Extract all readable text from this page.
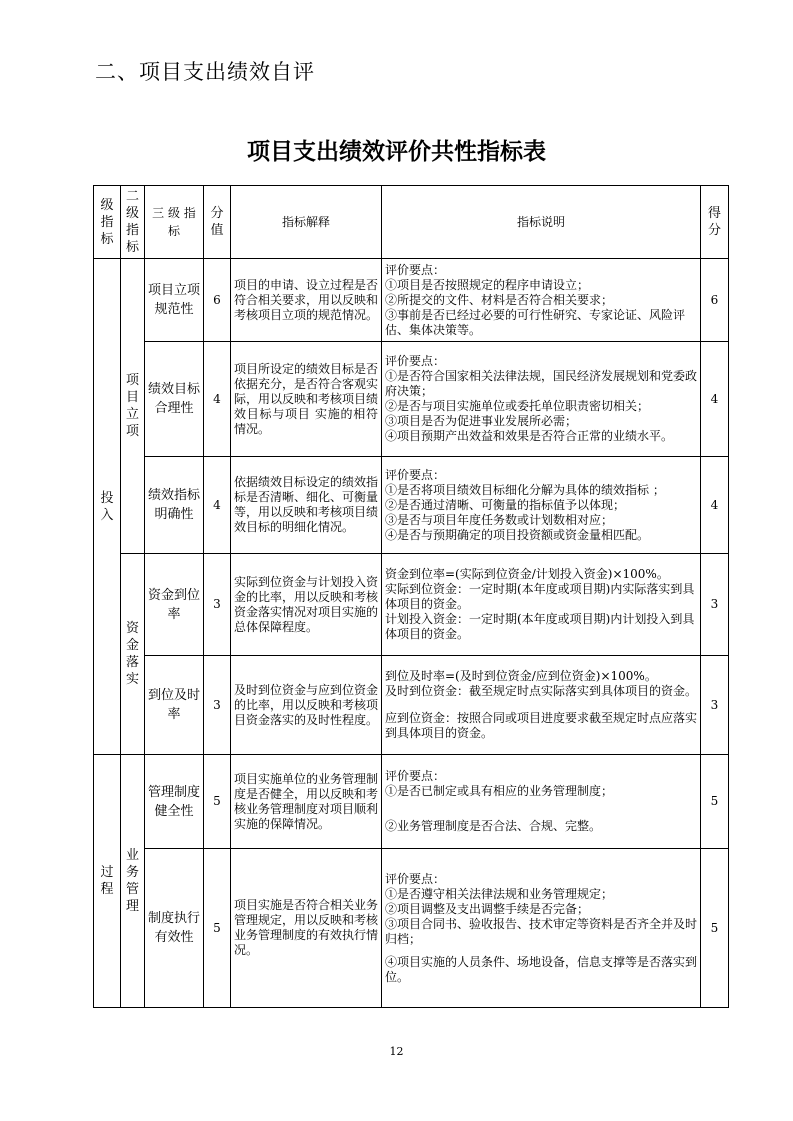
二、项目支出绩效自评
项目支出绩效评价共性指标表
级指标	二级指标	三 级 指 标	分值	指标解释	指标说明	得分
投入	项目立项	项目立项规范性	6	项目的申请、设立过程是否符合相关要求，用以反映和考核项目立项的规范情况。	评价要点：
①项目是否按照规定的程序申请设立；
②所提交的文件、材料是否符合相关要求；
③事前是否已经过必要的可行性研究、专家论证、风险评估、集体决策等。	6
		绩效目标合理性	4	项目所设定的绩效目标是否依据充分，是否符合客观实际，用以反映和考核项目绩效目标与项目 实施的相符情况。	评价要点：
①是否符合国家相关法律法规，国民经济发展规划和党委政府决策；
②是否与项目实施单位或委托单位职责密切相关；
③项目是否为促进事业发展所必需；
④项目预期产出效益和效果是否符合正常的业绩水平。	4
		绩效指标明确性	4	依据绩效目标设定的绩效指标是否清晰、细化、可衡量等，用以反映和考核项目绩效目标的明细化情况。	评价要点：
①是否将项目绩效目标细化分解为具体的绩效指标 ；
②是否通过清晰、可衡量的指标值予以体现；
③是否与项目年度任务数或计划数相对应；
④是否与预期确定的项目投资额或资金量相匹配。	4
	资金落实	资金到位率	3	实际到位资金与计划投入资金的比率，用以反映和考核资金落实情况对项目实施的总体保障程度。	资金到位率=(实际到位资金/计划投入资金)×100%。
实际到位资金：一定时期(本年度或项目期)内实际落实到具体项目的资金。
计划投入资金：一定时期(本年度或项目期)内计划投入到具体项目的资金。	3
		到位及时率	3	及时到位资金与应到位资金的比率，用以反映和考核项目资金落实的及时性程度。	到位及时率=(及时到位资金/应到位资金)×100%。
及时到位资金：截至规定时点实际落实到具体项目的资金。
应到位资金：按照合同或项目进度要求截至规定时点应落实到具体项目的资金。	3
过程	业务管理	管理制度健全性	5	项目实施单位的业务管理制度是否健全，用以反映和考核业务管理制度对项目顺利实施的保障情况。	评价要点：
①是否已制定或具有相应的业务管理制度；
②业务管理制度是否合法、合规、完整。	5
		制度执行有效性	5	项目实施是否符合相关业务管理规定，用以反映和考核业务管理制度的有效执行情况。	评价要点：
①是否遵守相关法律法规和业务管理规定；
②项目调整及支出调整手续是否完备；
③项目合同书、验收报告、技术审定等资料是否齐全并及时归档；
④项目实施的人员条件、场地设备，信息支撑等是否落实到位。	5
12
